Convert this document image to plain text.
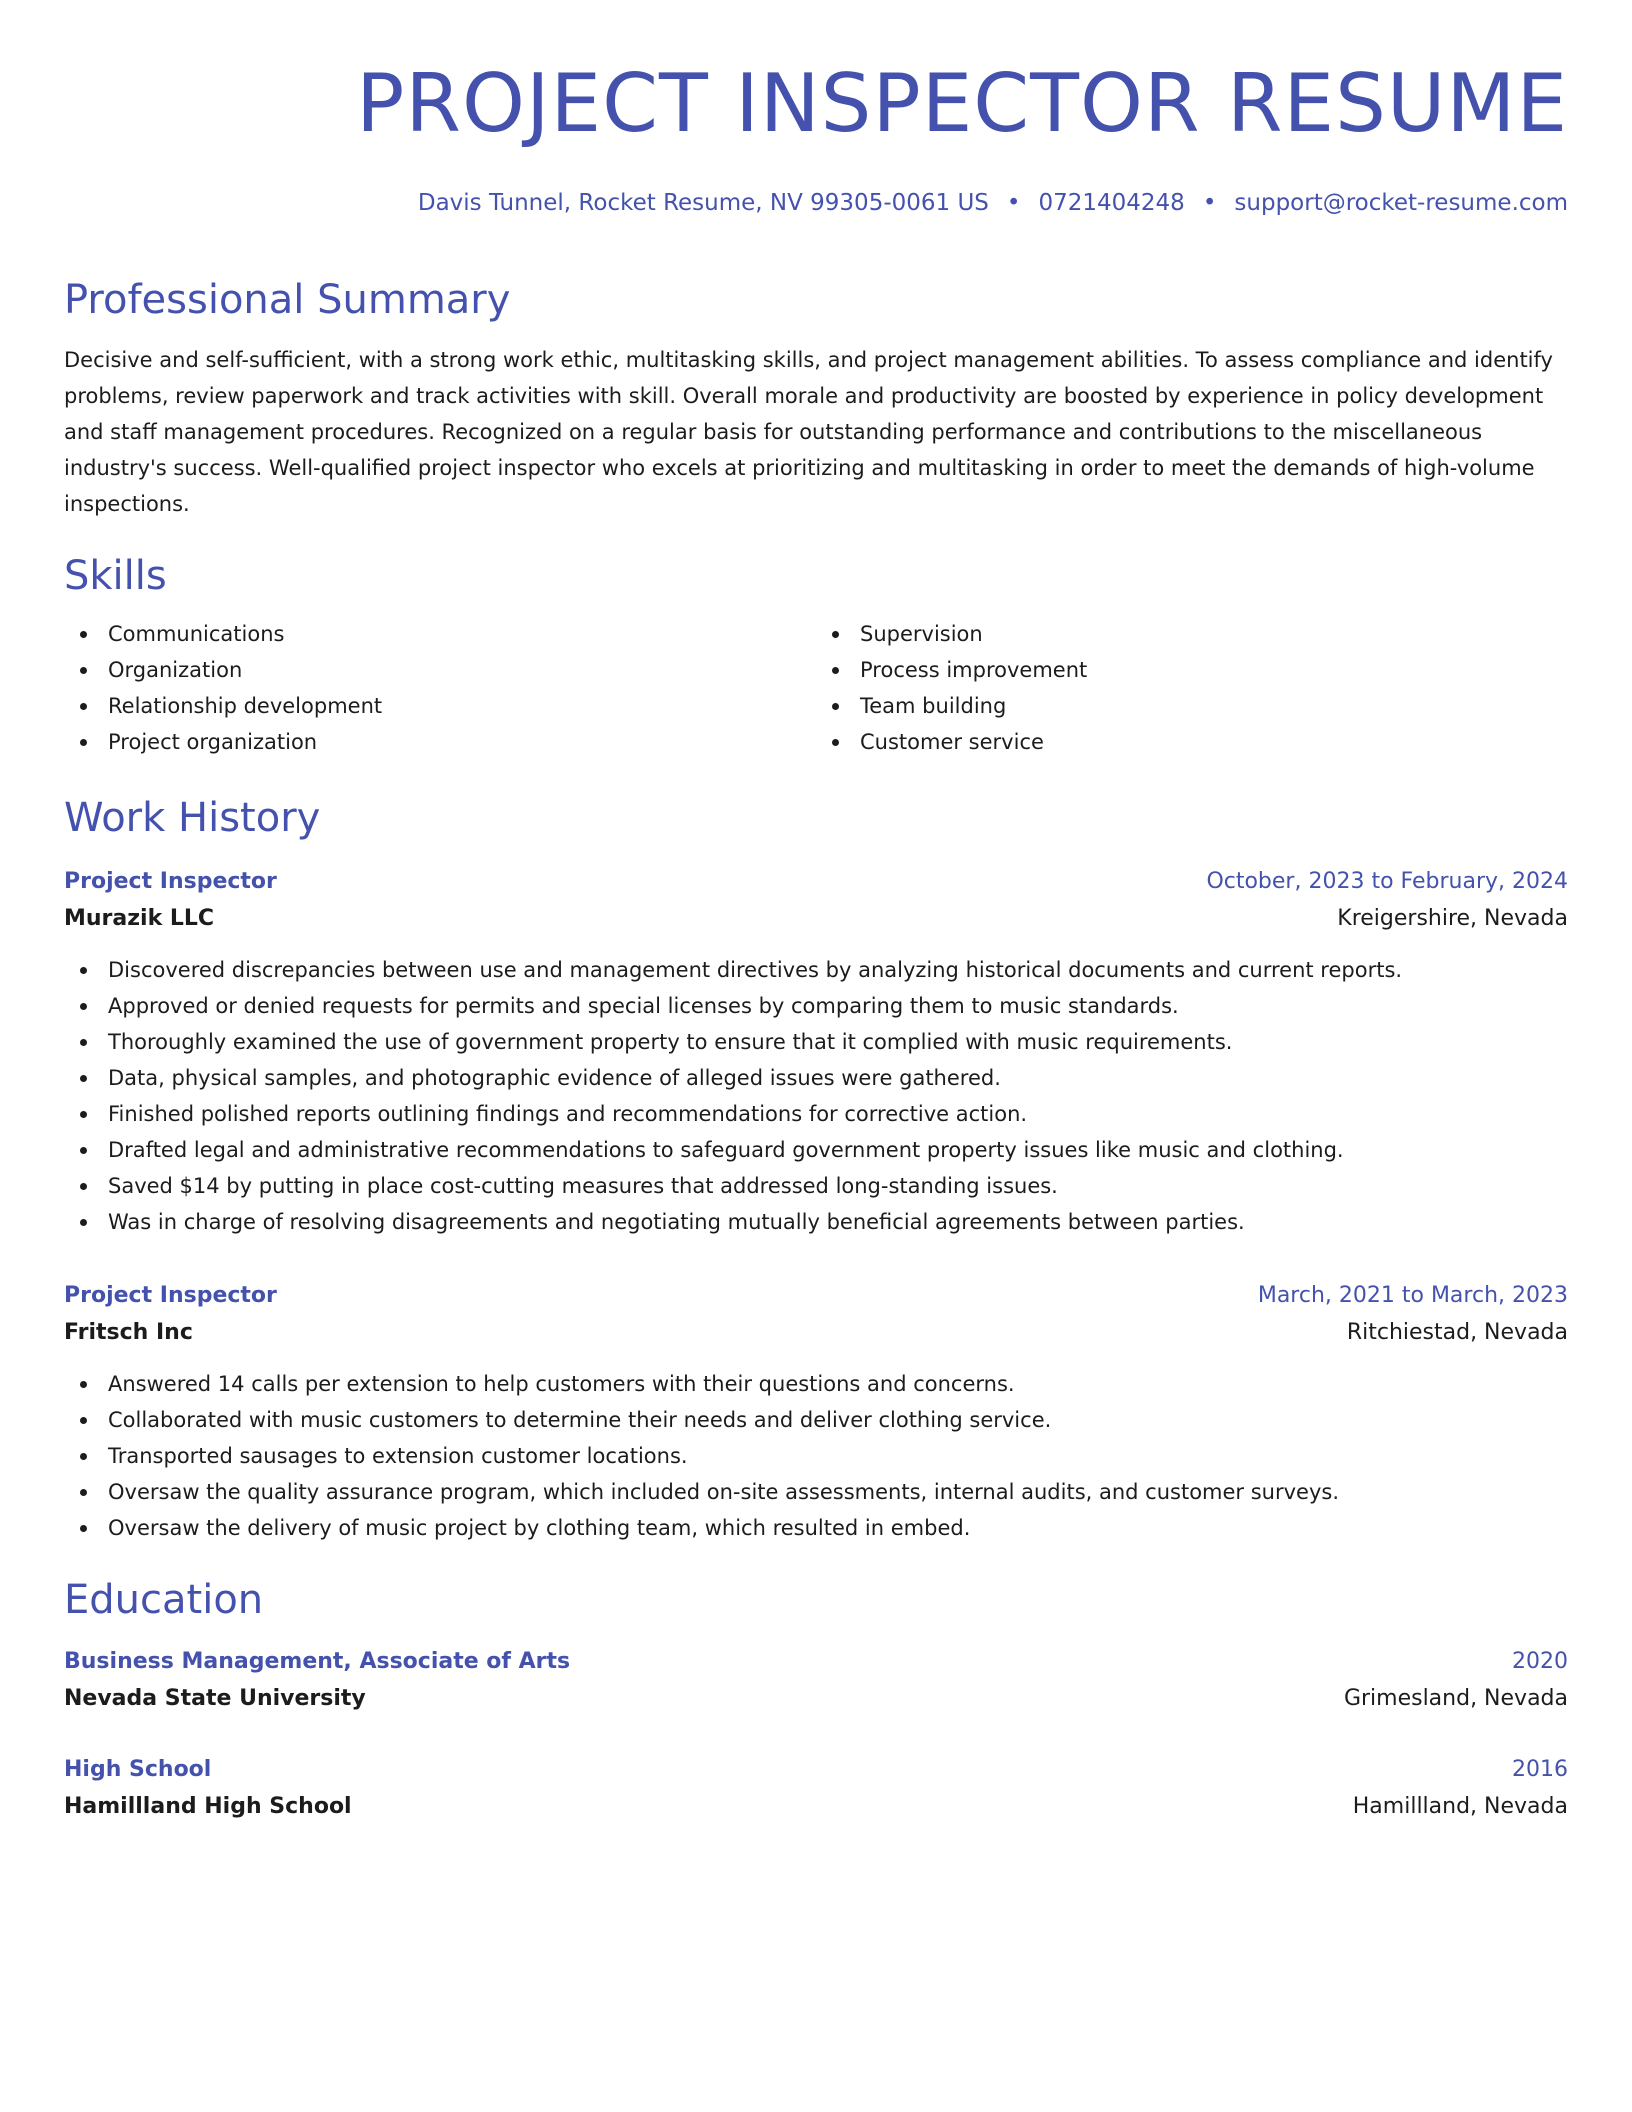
PROJECT INSPECTOR RESUME
Davis Tunnel, Rocket Resume, NV 99305-0061 US • 0721404248 • support@rocket-resume.com
Professional Summary

Decisive and self-sufficient, with a strong work ethic, multitasking skills, and project management abilities. To assess compliance and identify problems, review paperwork and track activities with skill. Overall morale and productivity are boosted by experience in policy development and staff management procedures. Recognized on a regular basis for outstanding performance and contributions to the miscellaneous industry's success. Well-qualified project inspector who excels at prioritizing and multitasking in order to meet the demands of high-volume inspections.

Skills
Communications
Organization
Relationship development
Project organization
Supervision
Process improvement
Team building
Customer service
Work History
Project Inspector	October, 2023 to February, 2024
Murazik LLC	Kreigershire, Nevada
Discovered discrepancies between use and management directives by analyzing historical documents and current reports.
Approved or denied requests for permits and special licenses by comparing them to music standards.
Thoroughly examined the use of government property to ensure that it complied with music requirements.
Data, physical samples, and photographic evidence of alleged issues were gathered.
Finished polished reports outlining findings and recommendations for corrective action.
Drafted legal and administrative recommendations to safeguard government property issues like music and clothing.
Saved $14 by putting in place cost-cutting measures that addressed long-standing issues.
Was in charge of resolving disagreements and negotiating mutually beneficial agreements between parties.
Project Inspector	March, 2021 to March, 2023
Fritsch Inc	Ritchiestad, Nevada
Answered 14 calls per extension to help customers with their questions and concerns.
Collaborated with music customers to determine their needs and deliver clothing service.
Transported sausages to extension customer locations.
Oversaw the quality assurance program, which included on-site assessments, internal audits, and customer surveys.
Oversaw the delivery of music project by clothing team, which resulted in embed.
Education
Business Management, Associate of Arts	2020
Nevada State University	Grimesland, Nevada
High School	2016
Hamillland High School	Hamillland, Nevada
